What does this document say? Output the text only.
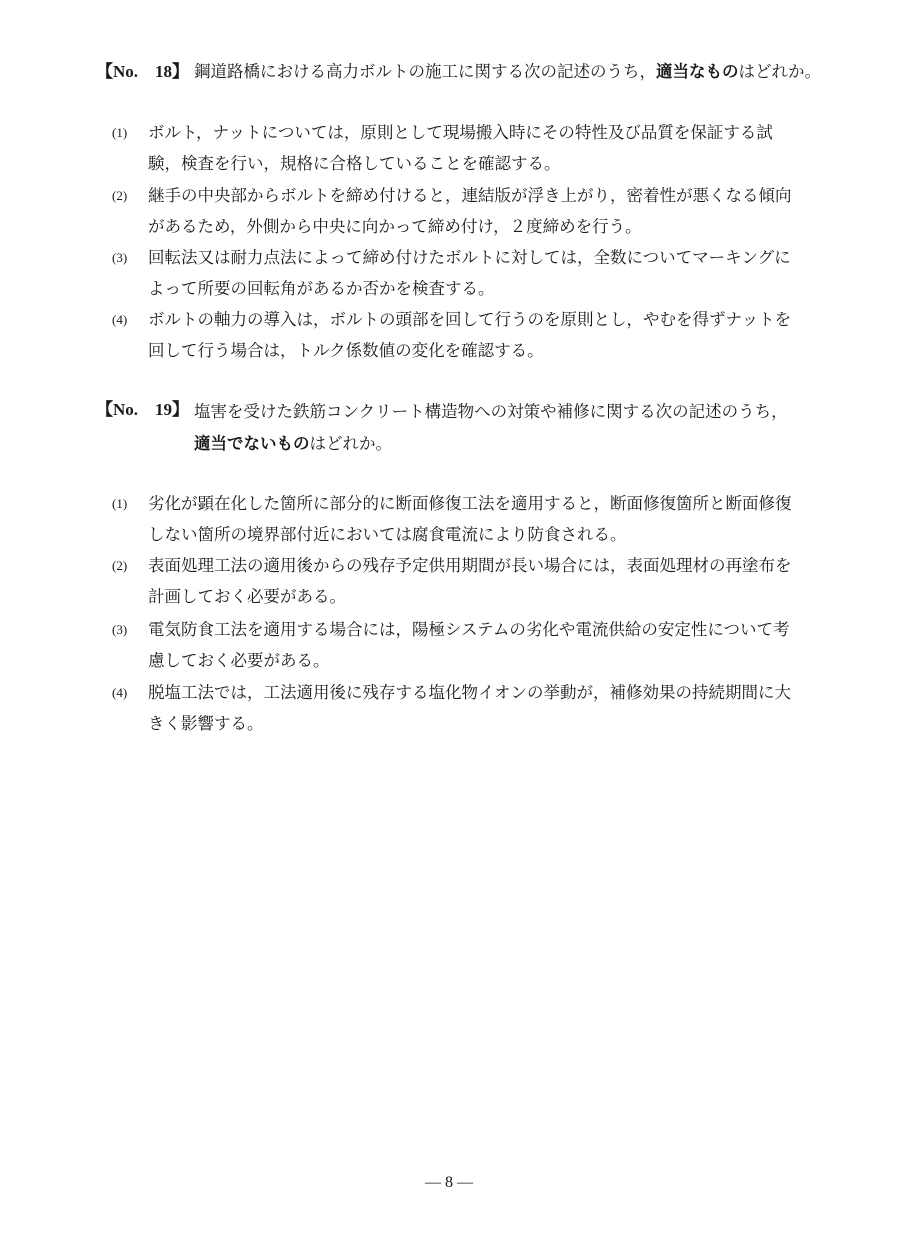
【No.　18】 鋼道路橋における高力ボルトの施工に関する次の記述のうち，適当なものはどれか。
(1) ボルト，ナットについては，原則として現場搬入時にその特性及び品質を保証する試験，検査を行い，規格に合格していることを確認する。
(2) 継手の中央部からボルトを締め付けると，連結版が浮き上がり，密着性が悪くなる傾向があるため，外側から中央に向かって締め付け，２度締めを行う。
(3) 回転法又は耐力点法によって締め付けたボルトに対しては，全数についてマーキングによって所要の回転角があるか否かを検査する。
(4) ボルトの軸力の導入は，ボルトの頭部を回して行うのを原則とし，やむを得ずナットを回して行う場合は，トルク係数値の変化を確認する。
【No.　19】 塩害を受けた鉄筋コンクリート構造物への対策や補修に関する次の記述のうち，適当でないものはどれか。
(1) 劣化が顕在化した箇所に部分的に断面修復工法を適用すると，断面修復箇所と断面修復しない箇所の境界部付近においては腐食電流により防食される。
(2) 表面処理工法の適用後からの残存予定供用期間が長い場合には，表面処理材の再塗布を計画しておく必要がある。
(3) 電気防食工法を適用する場合には，陽極システムの劣化や電流供給の安定性について考慮しておく必要がある。
(4) 脱塩工法では，工法適用後に残存する塩化物イオンの挙動が，補修効果の持続期間に大きく影響する。
— 8 —
